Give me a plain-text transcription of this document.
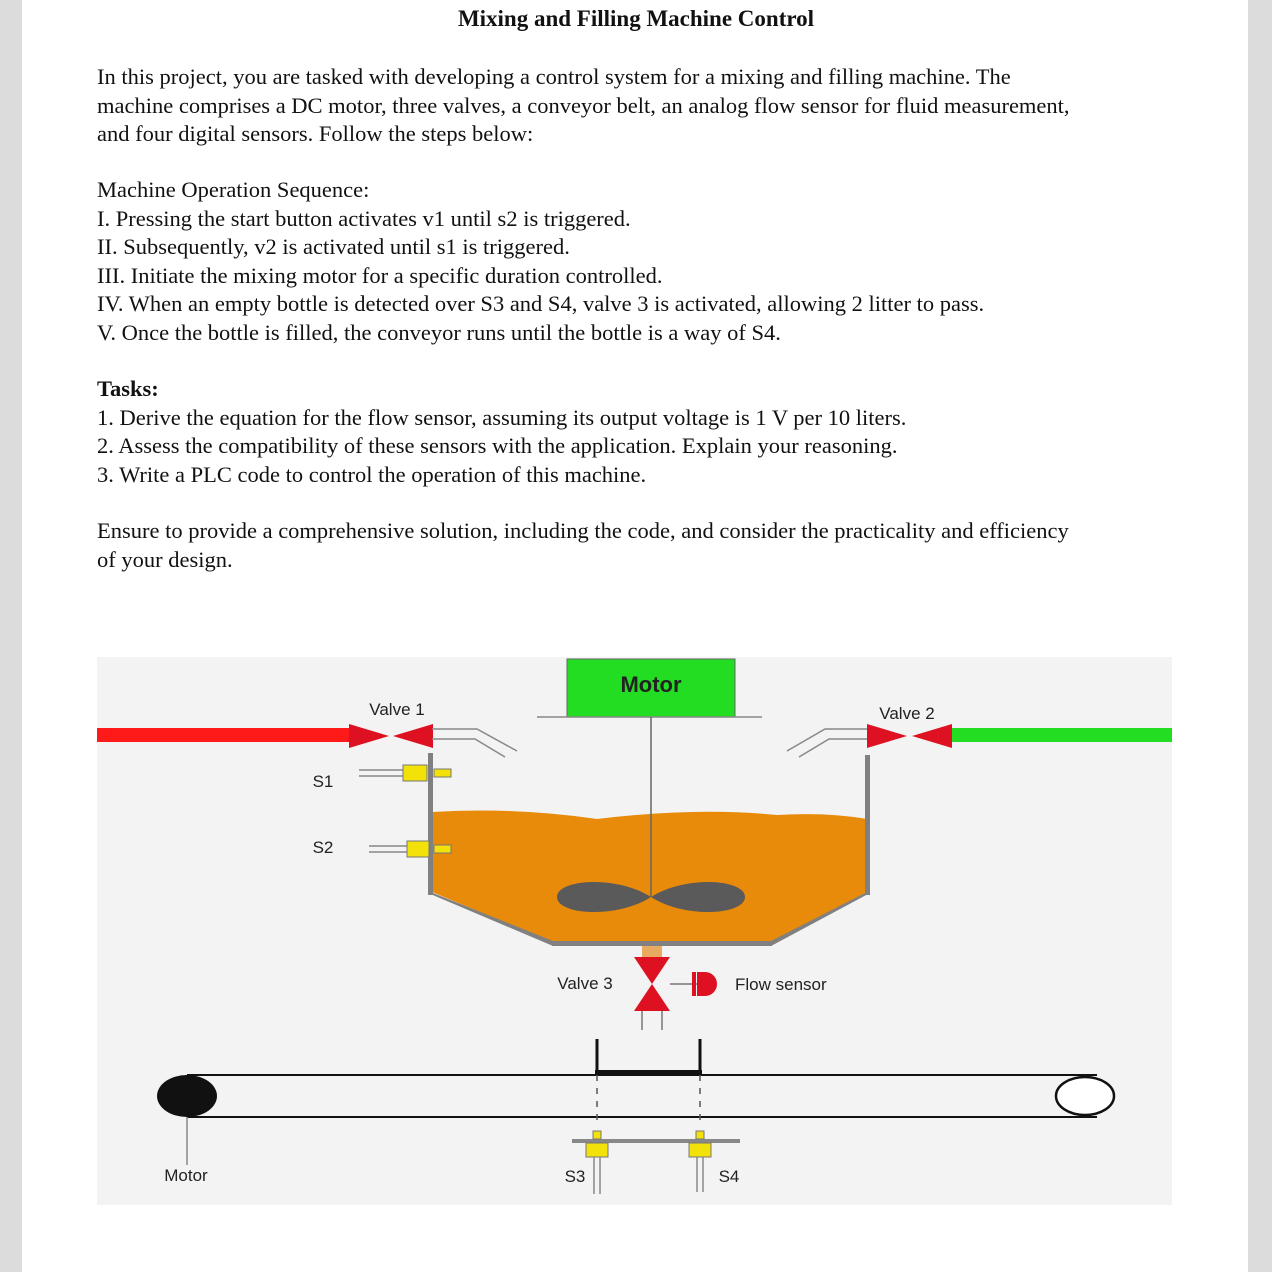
Mixing and Filling Machine Control

In this project, you are tasked with developing a control system for a mixing and filling machine. The
machine comprises a DC motor, three valves, a conveyor belt, an analog flow sensor for fluid measurement,
and four digital sensors. Follow the steps below:

Machine Operation Sequence:
I. Pressing the start button activates v1 until s2 is triggered.
II. Subsequently, v2 is activated until s1 is triggered.
III. Initiate the mixing motor for a specific duration controlled.
IV. When an empty bottle is detected over S3 and S4, valve 3 is activated, allowing 2 litter to pass.
V. Once the bottle is filled, the conveyor runs until the bottle is a way of S4.

Tasks:
1. Derive the equation for the flow sensor, assuming its output voltage is 1 V per 10 liters.
2. Assess the compatibility of these sensors with the application. Explain your reasoning.
3. Write a PLC code to control the operation of this machine.

Ensure to provide a comprehensive solution, including the code, and consider the practicality and efficiency
of your design.

Motor
Valve 1	Valve 2
S1
S2
Valve 3	Flow sensor
S3	S4
Motor
